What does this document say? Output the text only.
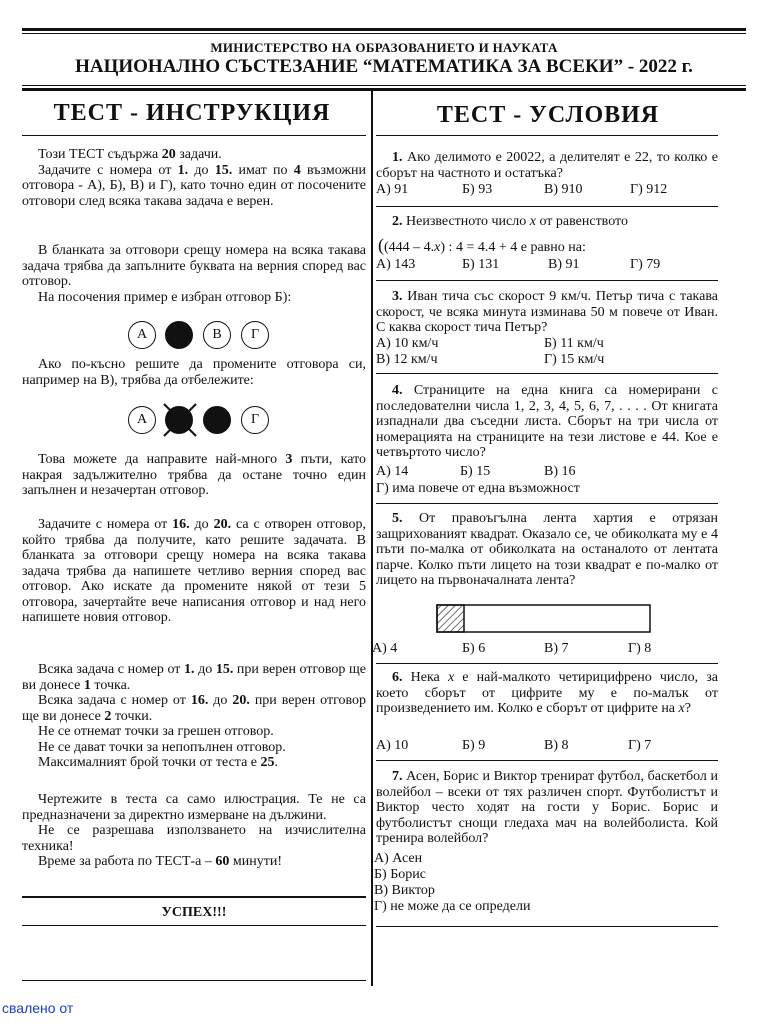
МИНИСТЕРСТВО НА ОБРАЗОВАНИЕТО И НАУКАТА
НАЦИОНАЛНО СЪСТЕЗАНИЕ “МАТЕМАТИКА ЗА ВСЕКИ” - 2022 г.
ТЕСТ - ИНСТРУКЦИЯ

Този ТЕСТ съдържа 20 задачи.

Задачите с номера от 1. до 15. имат по 4 възможни отговора - А), Б), В) и Г), като точно един от посочените отговори след всяка такава задача е верен.

В бланката за отговори срещу номера на всяка такава задача трябва да запълните буквата на верния според вас отговор.

На посочения пример е избран отговор Б):

А	В	Г

Ако по-късно решите да промените отговора си, например на В), трябва да отбележите:

А	Г

Това можете да направите най-много 3 пъти, като накрая задължително трябва да остане точно един запълнен и незачертан отговор.

Задачите с номера от 16. до 20. са с отворен отговор, който трябва да получите, като решите задачата. В бланката за отговори срещу номера на всяка такава задача трябва да напишете четливо верния според вас отговор. Ако искате да промените някой от тези 5 отговора, зачертайте вече написания отговор и над него напишете новия отговор.

Всяка задача с номер от 1. до 15. при верен отговор ще ви донесе 1 точка.

Всяка задача с номер от 16. до 20. при верен отговор ще ви донесе 2 точки.

Не се отнемат точки за грешен отговор.

Не се дават точки за непопълнен отговор.

Максималният брой точки от теста е 25.

Чертежите в теста са само илюстрация. Те не са предназначени за директно измерване на дължини.

Не се разрешава използването на изчислителна техника!

Време за работа по ТЕСТ-а – 60 минути!

УСПЕХ!!!
ТЕСТ - УСЛОВИЯ

1. Ако делимото е 20022, а делителят е 22, то колко е сборът на частното и остатъка?

А) 91	Б) 93	В) 910	Г) 912

2. Неизвестното число x от равенството

((444 – 4.x) : 4 = 4.4 + 4 е равно на:
А) 143	Б) 131	В) 91	Г) 79

3. Иван тича със скорост 9 км/ч. Петър тича с такава скорост, че всяка минута изминава 50 м повече от Иван. С каква скорост тича Петър?

А) 10 км/ч	Б) 11 км/ч
В) 12 км/ч	Г) 15 км/ч

4. Страниците на една книга са номерирани с последователни числа 1, 2, 3, 4, 5, 6, 7, . . . . От книгата изпаднали два съседни листа. Сборът на три числа от номерацията на страниците на тези листове е 44. Кое е четвъртото число?

А) 14	Б) 15	В) 16
Г) има повече от една възможност

5. От правоъгълна лента хартия е отрязан защрихованият квадрат. Оказало се, че обиколката му е 4 пъти по-малка от обиколката на останалото от лентата парче. Колко пъти лицето на този квадрат е по-малко от лицето на първоначалната лента?

А) 4	Б) 6	В) 7	Г) 8

6. Нека x е най-малкото четирицифрено число, за което сборът от цифрите му е по-малък от произведението им. Колко е сборът от цифрите на x?

А) 10	Б) 9	В) 8	Г) 7

7. Асен, Борис и Виктор тренират футбол, баскетбол и волейбол – всеки от тях различен спорт. Футболистът и Виктор често ходят на гости у Борис. Борис и футболистът снощи гледаха мач на волейболиста. Кой тренира волейбол?

А) Асен
Б) Борис
В) Виктор
Г) не може да се определи
свалено от
